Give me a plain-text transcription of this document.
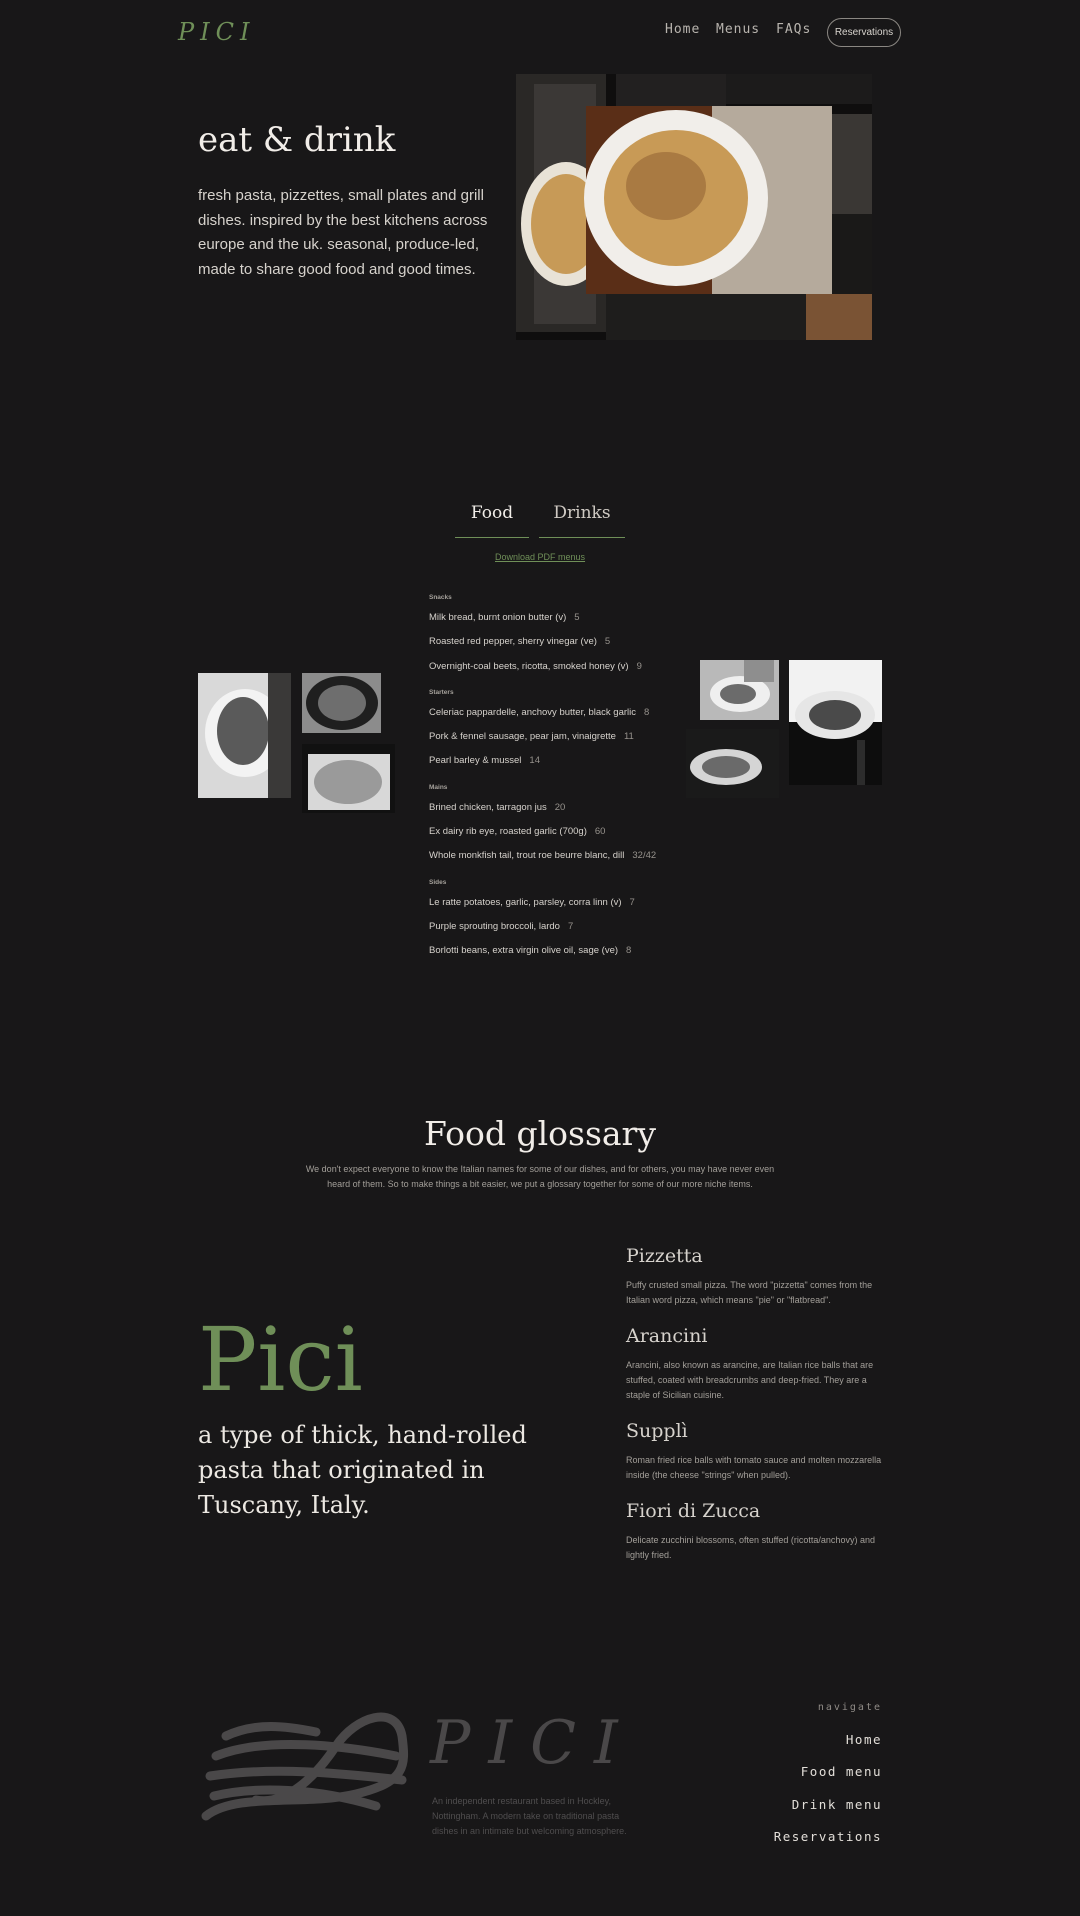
PICI	Home Menus FAQs	Reservations
eat & drink
fresh pasta, pizzettes, small plates and grill dishes. inspired by the best kitchens across europe and the uk. seasonal, produce-led, made to share good food and good times.
Food	Drinks
Download PDF menus
Snacks
Milk bread, burnt onion butter (v) 5
Roasted red pepper, sherry vinegar (ve) 5
Overnight-coal beets, ricotta, smoked honey (v) 9
Starters
Celeriac pappardelle, anchovy butter, black garlic 8
Pork & fennel sausage, pear jam, vinaigrette 11
Pearl barley & mussel 14
Mains
Brined chicken, tarragon jus 20
Ex dairy rib eye, roasted garlic (700g) 60
Whole monkfish tail, trout roe beurre blanc, dill 32/42
Sides
Le ratte potatoes, garlic, parsley, corra linn (v) 7
Purple sprouting broccoli, lardo 7
Borlotti beans, extra virgin olive oil, sage (ve) 8
Food glossary
We don't expect everyone to know the Italian names for some of our dishes, and for others, you may have never even heard of them. So to make things a bit easier, we put a glossary together for some of our more niche items.
Pici
a type of thick, hand-rolled pasta that originated in Tuscany, Italy.
Pizzetta
Puffy crusted small pizza. The word "pizzetta" comes from the Italian word pizza, which means "pie" or "flatbread".
Arancini
Arancini, also known as arancine, are Italian rice balls that are stuffed, coated with breadcrumbs and deep-fried. They are a staple of Sicilian cuisine.
Supplì
Roman fried rice balls with tomato sauce and molten mozzarella inside (the cheese "strings" when pulled).
Fiori di Zucca
Delicate zucchini blossoms, often stuffed (ricotta/anchovy) and lightly fried.
PICI
An independent restaurant based in Hockley, Nottingham. A modern take on traditional pasta dishes in an intimate but welcoming atmosphere.
navigate
Home
Food menu
Drink menu
Reservations
